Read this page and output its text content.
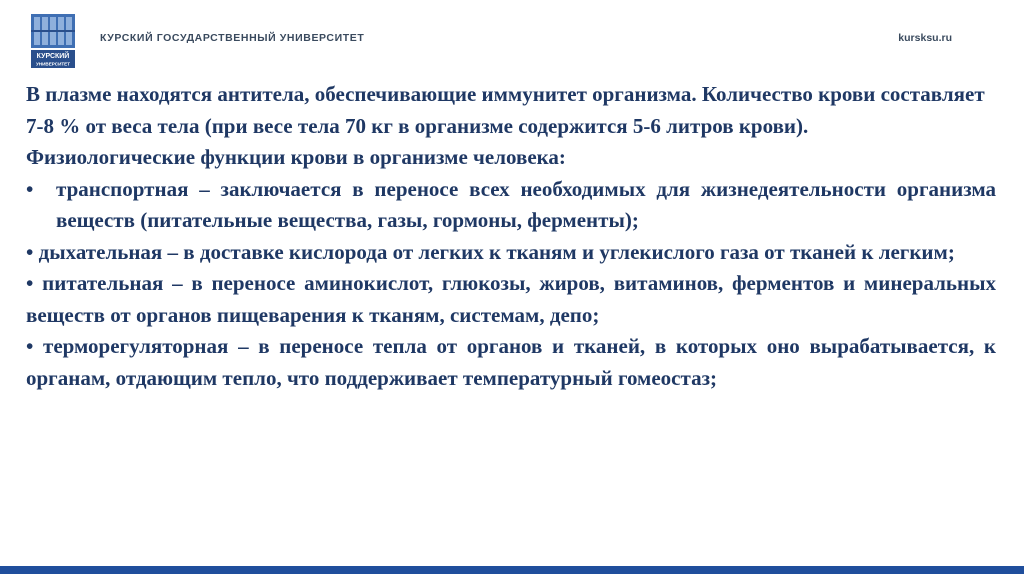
КУРСКИЙ
УНИВЕРСИТЕТ
КУРСКИЙ ГОСУДАРСТВЕННЫЙ УНИВЕРСИТЕТ	kursksu.ru

В плазме находятся антитела, обеспечивающие иммунитет организма. Количество крови составляет 7-8 % от веса тела (при весе тела 70 кг в организме содержится 5-6 литров крови).

Физиологические функции крови в организме человека:

• транспортная – заключается в переносе всех необходимых для жизнедеятельности организма веществ (питательные вещества, газы, гормоны, ферменты);

• дыхательная – в доставке кислорода от легких к тканям и углекислого газа от тканей к легким;

• питательная – в переносе аминокислот, глюкозы, жиров, витаминов, ферментов и минеральных веществ от органов пищеварения к тканям, системам, депо;

• терморегуляторная – в переносе тепла от органов и тканей, в которых оно вырабатывается, к органам, отдающим тепло, что поддерживает температурный гомеостаз;
